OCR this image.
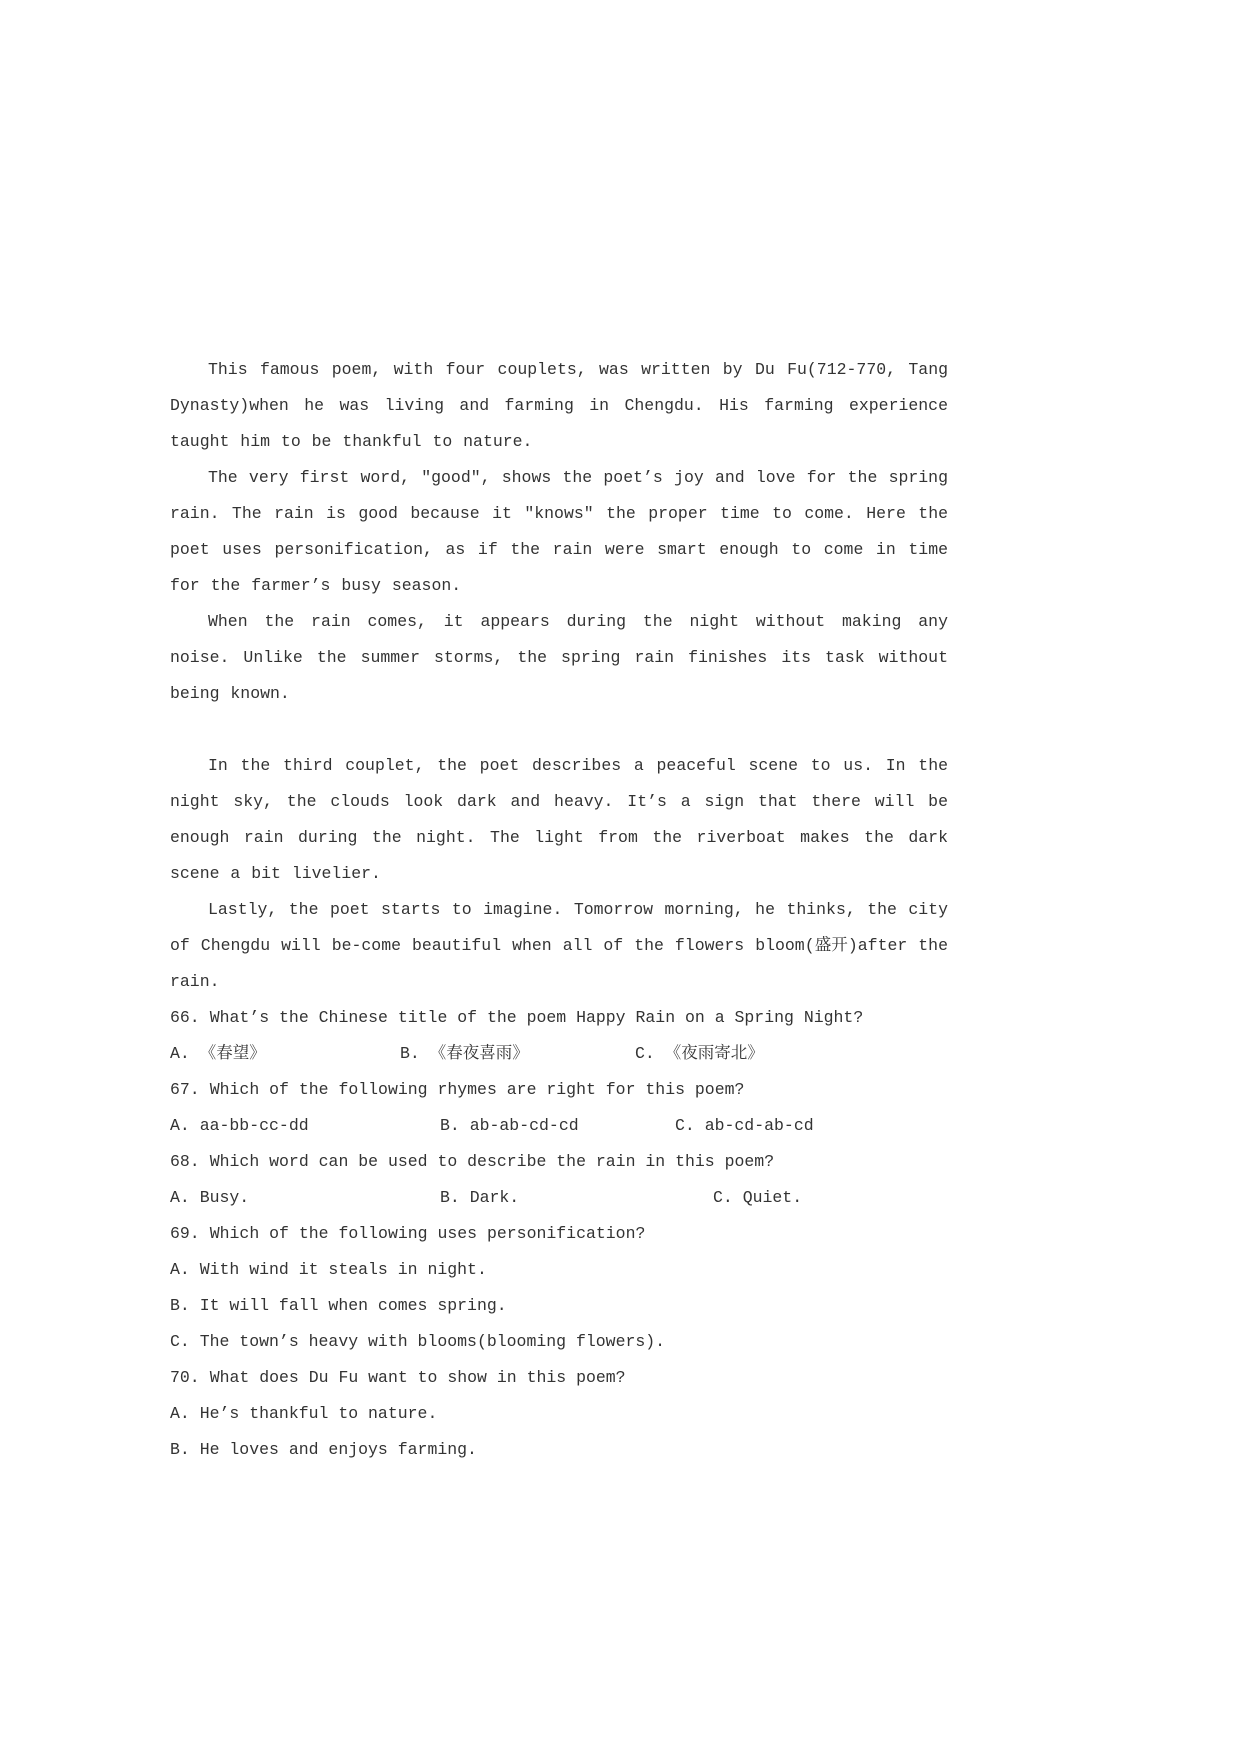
This famous poem, with four couplets, was written by Du Fu(712-770, Tang Dynasty)when he was living and farming in Chengdu. His farming experience taught him to be thankful to nature.

The very first word, "good", shows the poet’s joy and love for the spring rain. The rain is good because it "knows" the proper time to come. Here the poet uses personification, as if the rain were smart enough to come in time for the farmer’s busy season.

When the rain comes, it appears during the night without making any noise. Unlike the summer storms, the spring rain finishes its task without being known.

In the third couplet, the poet describes a peaceful scene to us. In the night sky, the clouds look dark and heavy. It’s a sign that there will be enough rain during the night. The light from the riverboat makes the dark scene a bit livelier.

Lastly, the poet starts to imagine. Tomorrow morning, he thinks, the city of Chengdu will be-come beautiful when all of the flowers bloom(盛开)after the rain.

66. What’s the Chinese title of the poem Happy Rain on a Spring Night?
A. 《春望》	B. 《春夜喜雨》	C. 《夜雨寄北》
67. Which of the following rhymes are right for this poem?
A. aa-bb-cc-dd	B. ab-ab-cd-cd	C. ab-cd-ab-cd
68. Which word can be used to describe the rain in this poem?
A. Busy.	B. Dark.	C. Quiet.
69. Which of the following uses personification?

A. With wind it steals in night.

B. It will fall when comes spring.

C. The town’s heavy with blooms(blooming flowers).

70. What does Du Fu want to show in this poem?

A. He’s thankful to nature.

B. He loves and enjoys farming.
